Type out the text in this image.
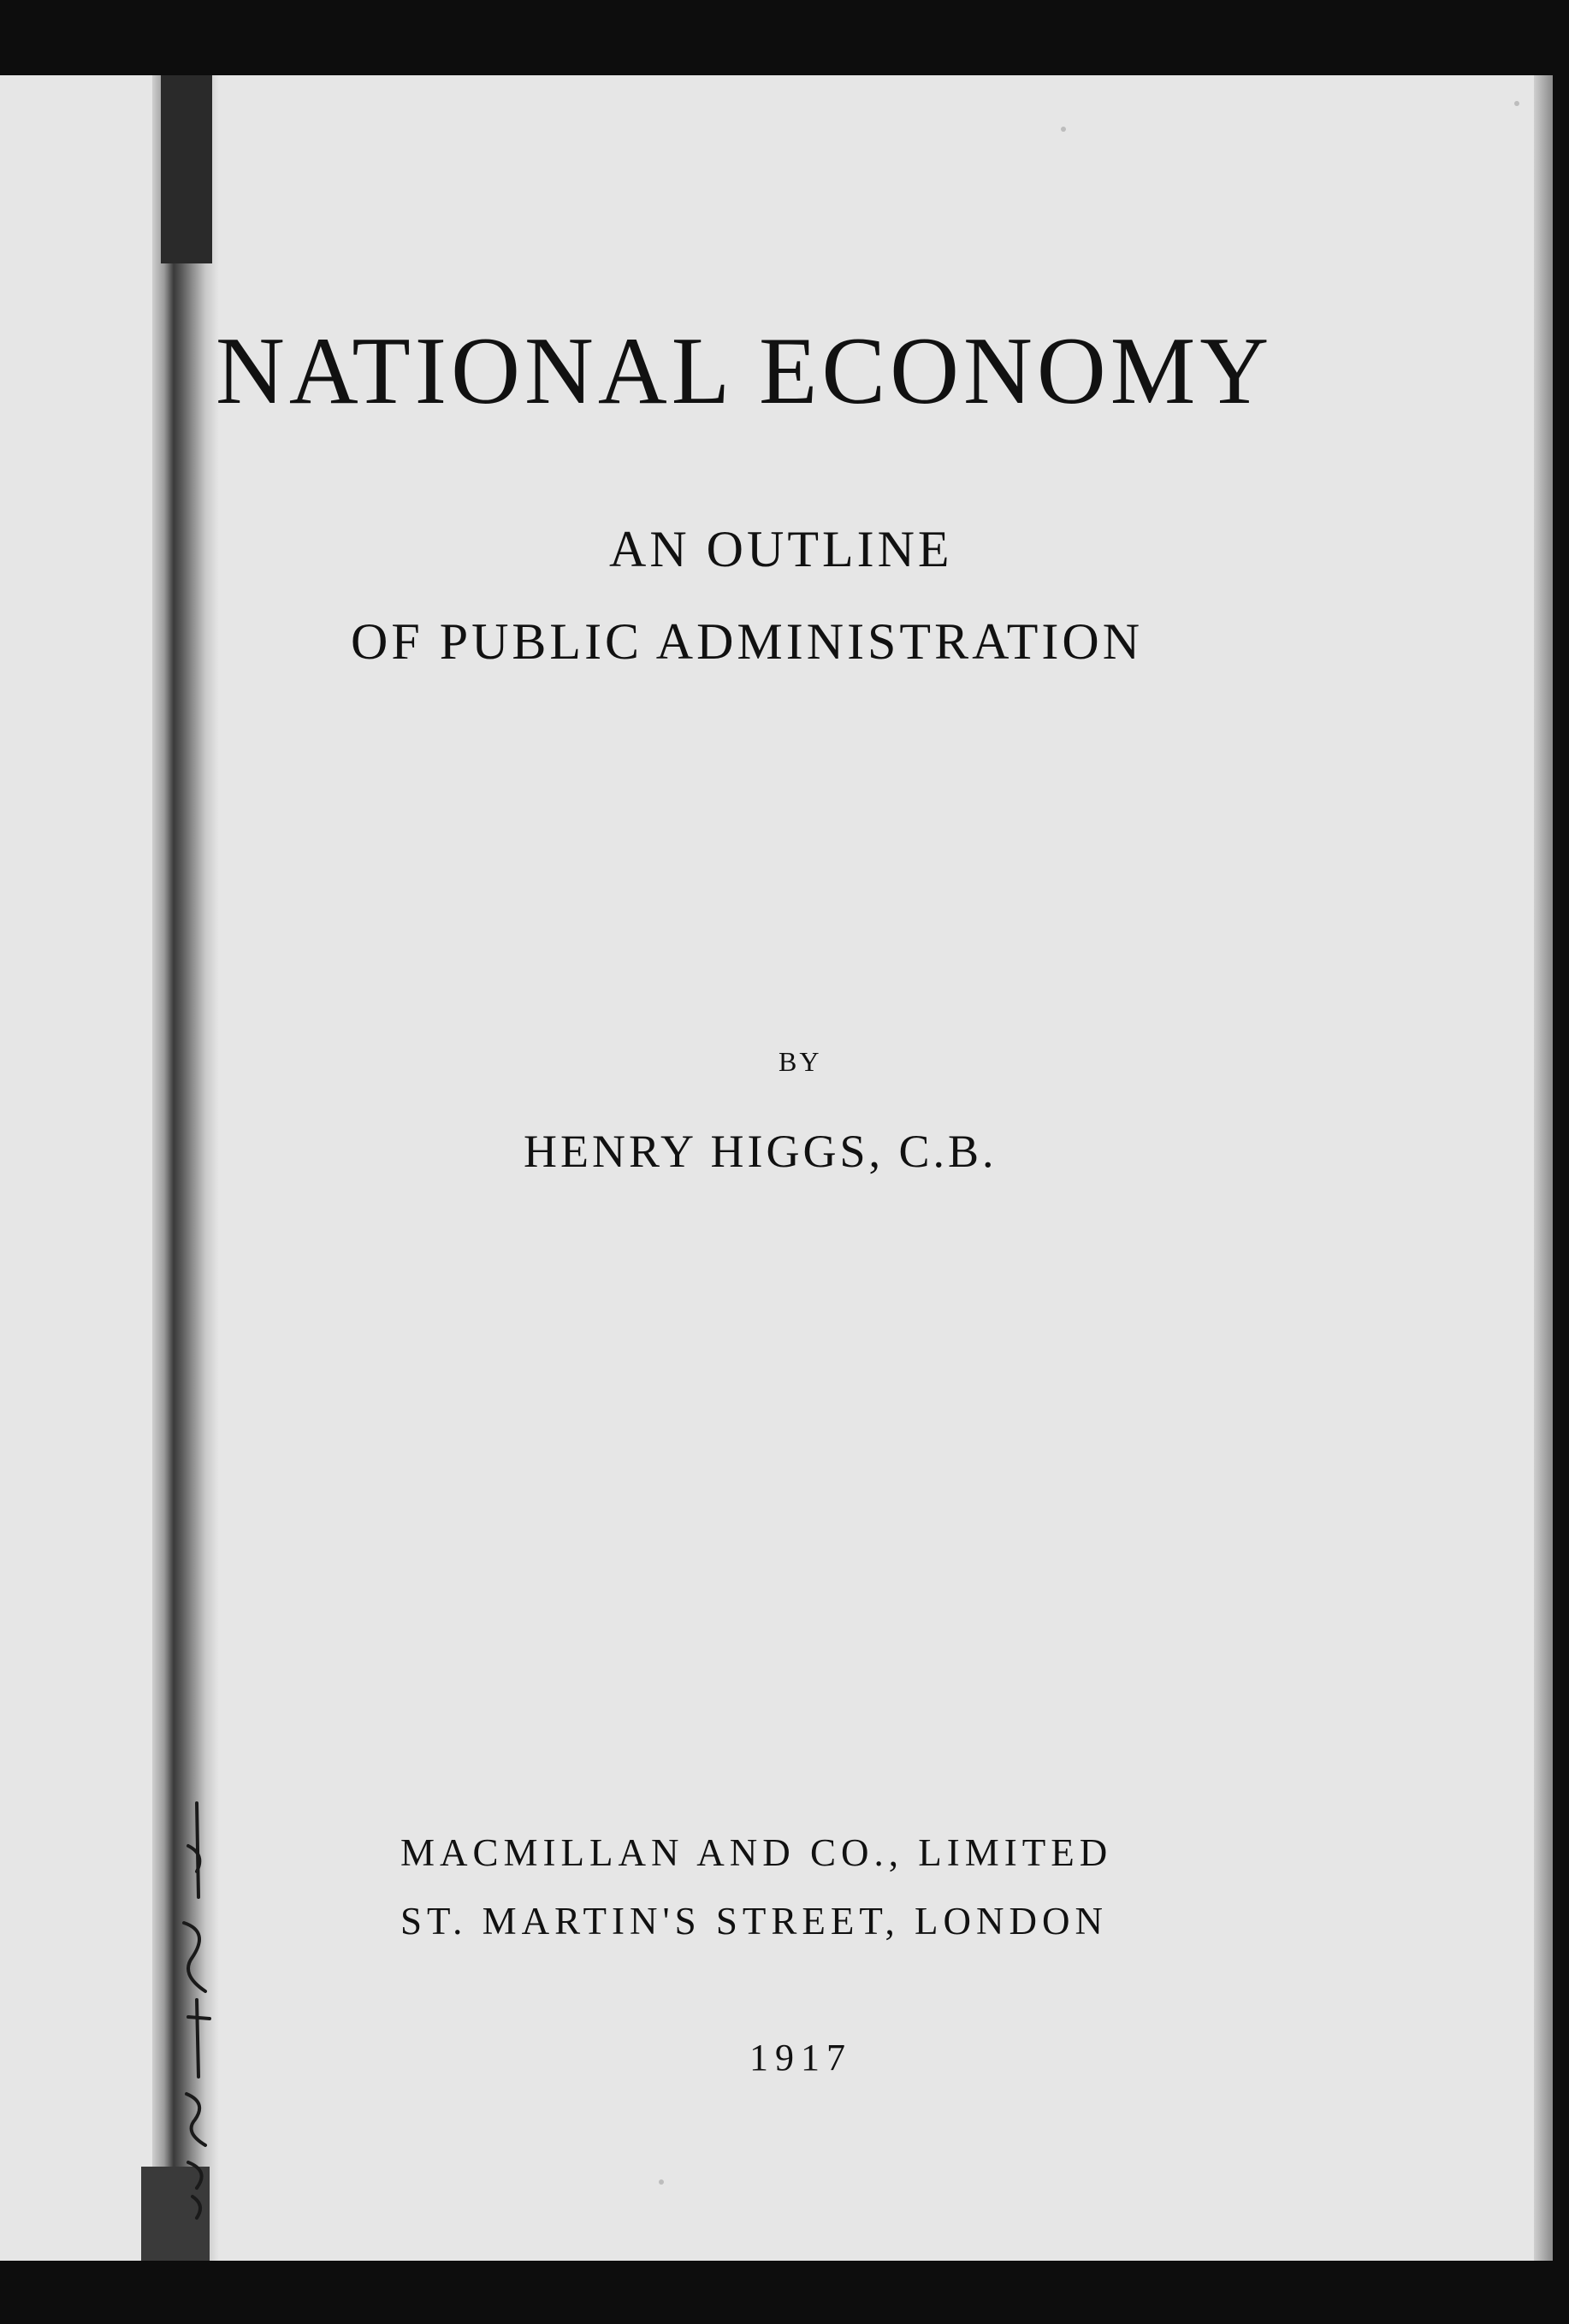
NATIONAL ECONOMY
AN OUTLINE
OF PUBLIC ADMINISTRATION
BY
HENRY HIGGS, C.B.
MACMILLAN AND CO., LIMITED
ST. MARTIN'S STREET, LONDON
1917
